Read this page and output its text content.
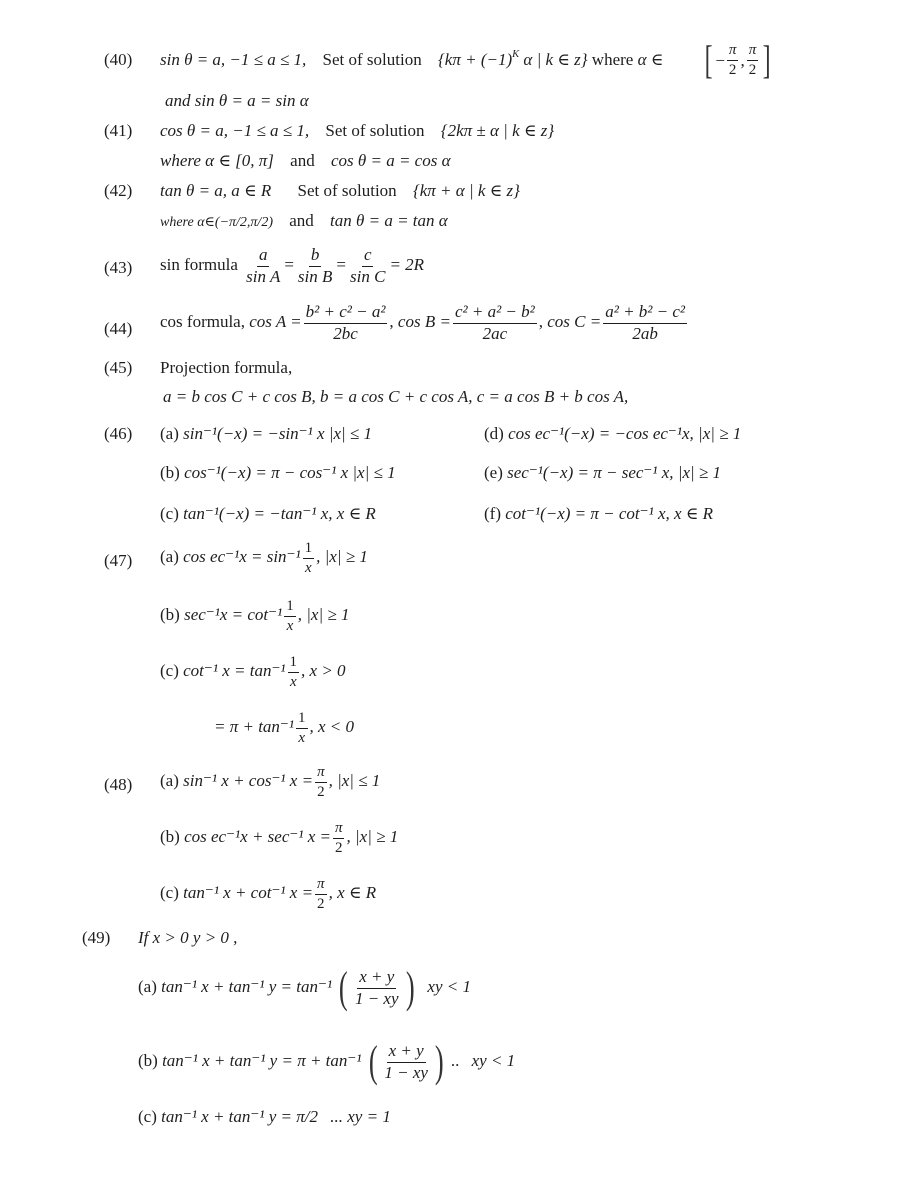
(40) sin θ = a, −1 ≤ a ≤ 1, Set of solution {$k\pi + (-1)^K$ α | k ∈ z} where α ∈ [ − $\frac{\pi}{2}$ , $\frac{\pi}{2}$ ]
and sin θ = a = sin α
(41) cos θ = a, −1 ≤ a ≤ 1, Set of solution {2kπ ± α | k ∈ z}
where α ∈ [0, π] and cos θ = a = cos α
(42) tan θ = a, a ∈ R Set of solution {kπ + α | k ∈ z}
where α∈(−π/2,π/2) and tan θ = a = tan α
(43) sin formula $\frac{a}{\text{sin A}} = \frac{b}{\text{sin B}} = \frac{c}{\text{sin C}} = 2R$
(44) cos formula, $\cos A = \frac{\text{b² + c² − a²}}{2bc}$ , $\cos B = \frac{\text{c² + a² − b²}}{2ac}$ , $\cos C = \frac{\text{a² + b² − c²}}{2ab}$
(45) Projection formula,
a = b cos C + c cos B, b = a cos C + c cos A, c = a cos B + b cos A,
(46) (a) sin⁻¹(−x) = −sin⁻¹ x |x| ≤ 1
(b) cos⁻¹(−x) = π − cos⁻¹ x |x| ≤ 1
(c) tan⁻¹(−x) = −tan⁻¹ x, x ∈ R
(d) cos ec⁻¹(−x) = −cos ec⁻¹x, |x| ≥ 1
(e) sec⁻¹(−x) = π − sec⁻¹ x, |x| ≥ 1
(f) cot⁻¹(−x) = π − cot⁻¹ x, x ∈ R
(47) (a) $\cos ec^{-1}x = \sin^{-1} \frac{1}{x}$ , |x| ≥ 1
(b) $\sec^{-1}x = \cot^{-1} \frac{1}{x}$ , |x| ≥ 1
(c) cot⁻¹ $x = \tan^{-1} \frac{1}{x}$ , x > 0
= $\pi + \tan^{-1} \frac{1}{x}$ , x < 0
(48) (a) sin⁻¹ x + cos⁻¹ $x = \frac{\pi}{2}$ , |x| ≤ 1
(b) cos ec⁻¹x + sec⁻¹ $x = \frac{\pi}{2}$ , |x| ≥ 1
(c) tan⁻¹ x + cot⁻¹ $x = \frac{\pi}{2}$ , x ∈ R
(49) If x > 0 y > 0 ,
(a) tan⁻¹ x + tan⁻¹ y = tan⁻¹ ( $\frac{x + y}{1 - xy}$ ) xy < 1
(b) tan⁻¹ x + tan⁻¹ y = π + tan⁻¹ ( $\frac{x + y}{1 - xy}$ ) .. xy < 1
(c) tan⁻¹ x + tan⁻¹ y = π/2 ... xy = 1
